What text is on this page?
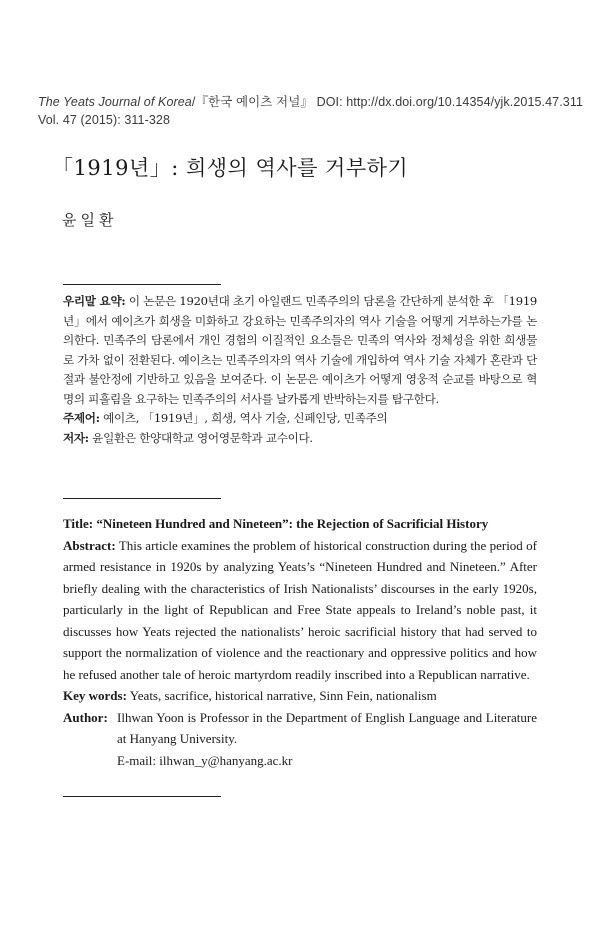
The Yeats Journal of Korea/『한국 예이츠 저널』 DOI: http://dx.doi.org/10.14354/yjk.2015.47.311
Vol. 47 (2015): 311-328
「1919년」: 희생의 역사를 거부하기
윤일환

우리말 요약: 이 논문은 1920년대 초기 아일랜드 민족주의의 담론을 간단하게 분석한 후 「1919년」에서 예이츠가 희생을 미화하고 강요하는 민족주의자의 역사 기술을 어떻게 거부하는가를 논의한다. 민족주의 담론에서 개인 경험의 이질적인 요소들은 민족의 역사와 정체성을 위한 희생물로 가차 없이 전환된다. 예이츠는 민족주의자의 역사 기술에 개입하여 역사 기술 자체가 혼란과 단절과 불안정에 기반하고 있음을 보여준다. 이 논문은 예이츠가 어떻게 영웅적 순교를 바탕으로 혁명의 피흘림을 요구하는 민족주의의 서사를 날카롭게 반박하는지를 탐구한다.

주제어: 예이츠, 「1919년」, 희생, 역사 기술, 신페인당, 민족주의

저자: 윤일환은 한양대학교 영어영문학과 교수이다.

Title: “Nineteen Hundred and Nineteen”: the Rejection of Sacrificial History

Abstract: This article examines the problem of historical construction during the period of armed resistance in 1920s by analyzing Yeats’s “Nineteen Hundred and Nineteen.” After briefly dealing with the characteristics of Irish Nationalists’ discourses in the early 1920s, particularly in the light of Republican and Free State appeals to Ireland’s noble past, it discusses how Yeats rejected the nationalists’ heroic sacrificial history that had served to support the normalization of violence and the reactionary and oppressive politics and how he refused another tale of heroic martyrdom readily inscribed into a Republican narrative.

Key words: Yeats, sacrifice, historical narrative, Sinn Fein, nationalism

Author: Ilhwan Yoon is Professor in the Department of English Language and Literature at Hanyang University.
E-mail: ilhwan_y@hanyang.ac.kr
